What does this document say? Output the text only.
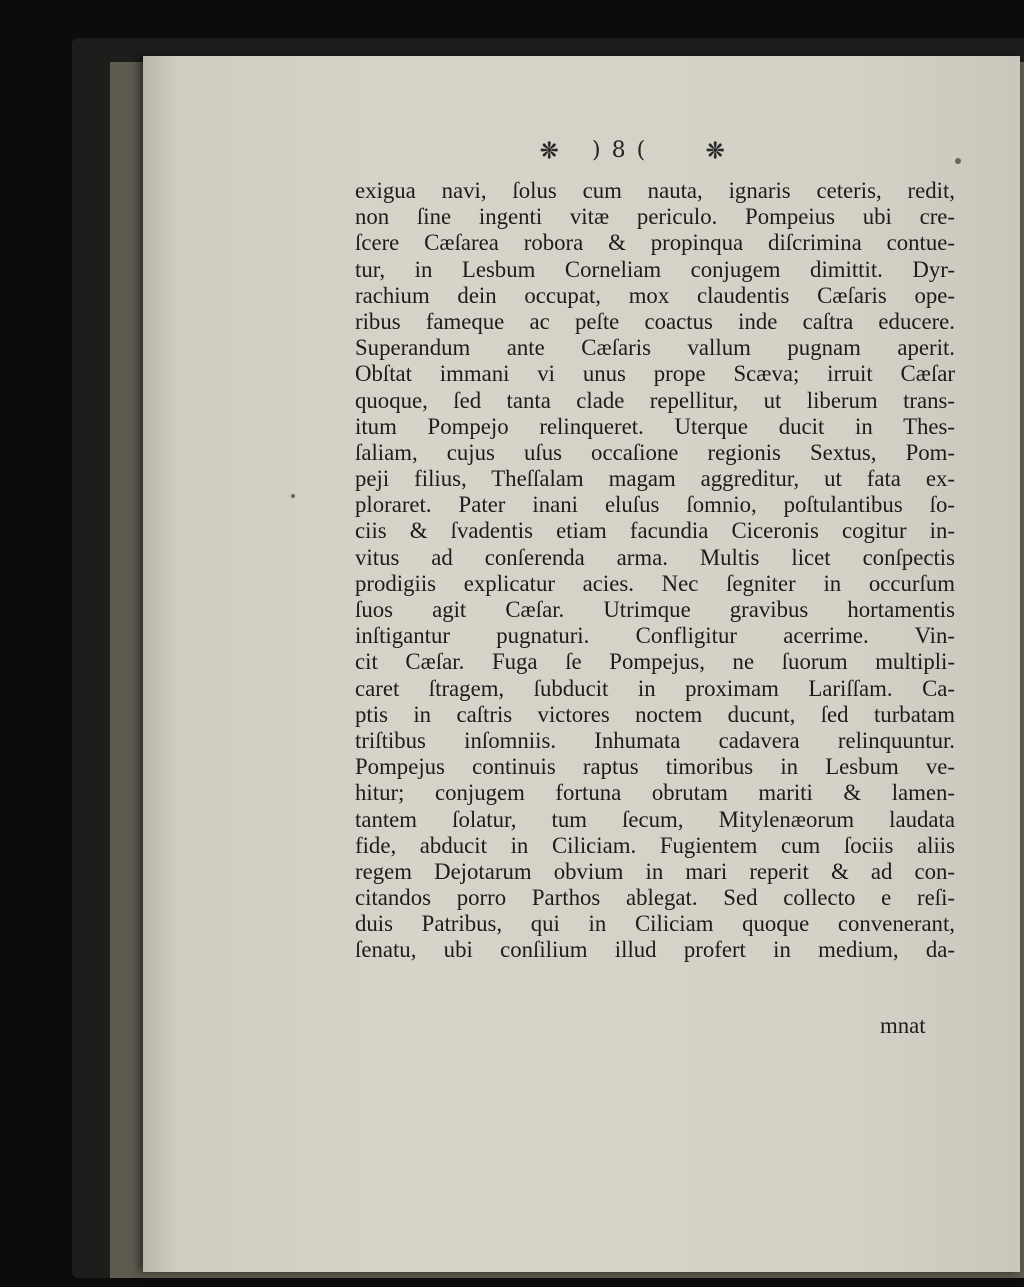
❊ ) 8 (	❊
exigua navi, ſolus cum nauta, ignaris ceteris, redit,
non ſine ingenti vitæ periculo. Pompeius ubi cre-
ſcere Cæſarea robora & propinqua diſcrimina contue-
tur, in Lesbum Corneliam conjugem dimittit. Dyr-
rachium dein occupat, mox claudentis Cæſaris ope-
ribus fameque ac peſte coactus inde caſtra educere.
Superandum ante Cæſaris vallum pugnam aperit.
Obſtat immani vi unus prope Scæva; irruit Cæſar
quoque, ſed tanta clade repellitur, ut liberum trans-
itum Pompejo relinqueret. Uterque ducit in Thes-
ſaliam, cujus uſus occaſione regionis Sextus, Pom-
peji filius, Theſſalam magam aggreditur, ut fata ex-
ploraret. Pater inani eluſus ſomnio, poſtulantibus ſo-
ciis & ſvadentis etiam facundia Ciceronis cogitur in-
vitus ad conſerenda arma. Multis licet conſpectis
prodigiis explicatur acies. Nec ſegniter in occurſum
ſuos agit Cæſar. Utrimque gravibus hortamentis
inſtigantur pugnaturi. Confligitur acerrime. Vin-
cit Cæſar. Fuga ſe Pompejus, ne ſuorum multipli-
caret ſtragem, ſubducit in proximam Lariſſam. Ca-
ptis in caſtris victores noctem ducunt, ſed turbatam
triſtibus inſomniis. Inhumata cadavera relinquuntur.
Pompejus continuis raptus timoribus in Lesbum ve-
hitur; conjugem fortuna obrutam mariti & lamen-
tantem ſolatur, tum ſecum, Mitylenæorum laudata
fide, abducit in Ciliciam. Fugientem cum ſociis aliis
regem Dejotarum obvium in mari reperit & ad con-
citandos porro Parthos ablegat. Sed collecto e reſi-
duis Patribus, qui in Ciliciam quoque convenerant,
ſenatu, ubi conſilium illud profert in medium, da-
mnat
